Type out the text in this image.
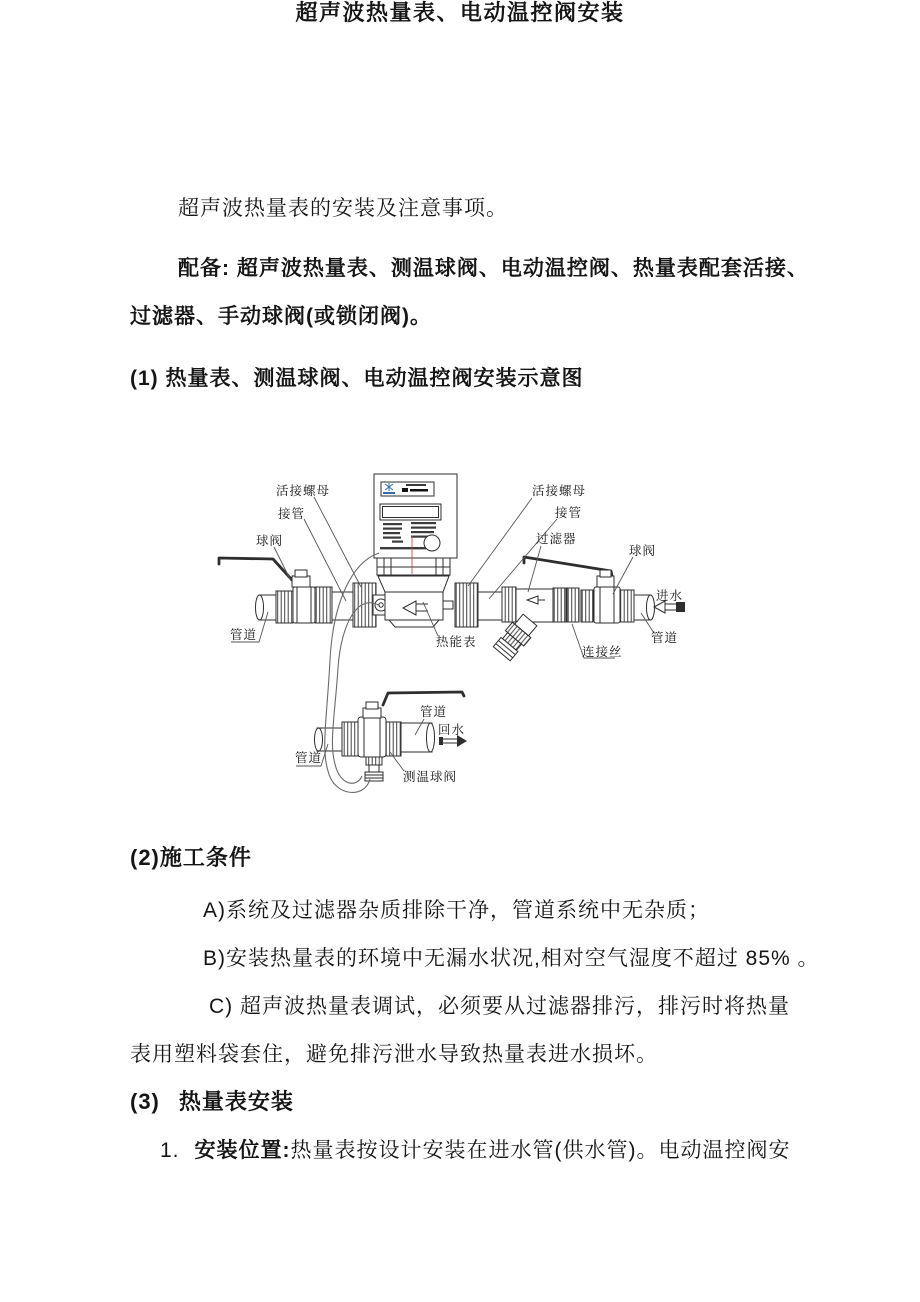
超声波热量表、电动温控阀安装
超声波热量表的安装及注意事项。
配备: 超声波热量表、测温球阀、电动温控阀、热量表配套活接、
过滤器、手动球阀(或锁闭阀)。
(1) 热量表、测温球阀、电动温控阀安装示意图
活接螺母
接管
球阀
管道	热能表
活接螺母
接管
过滤器
球阀
进水
管道
连接丝
管道
回水
管道
测温球阀
(2)施工条件
A)系统及过滤器杂质排除干净，管道系统中无杂质；
B)安装热量表的环境中无漏水状况,相对空气湿度不超过 85% 。
C) 超声波热量表调试，必须要从过滤器排污，排污时将热量
表用塑料袋套住，避免排污泄水导致热量表进水损坏。
(3) 热量表安装
1. 安装位置:热量表按设计安装在进水管(供水管)。电动温控阀安
